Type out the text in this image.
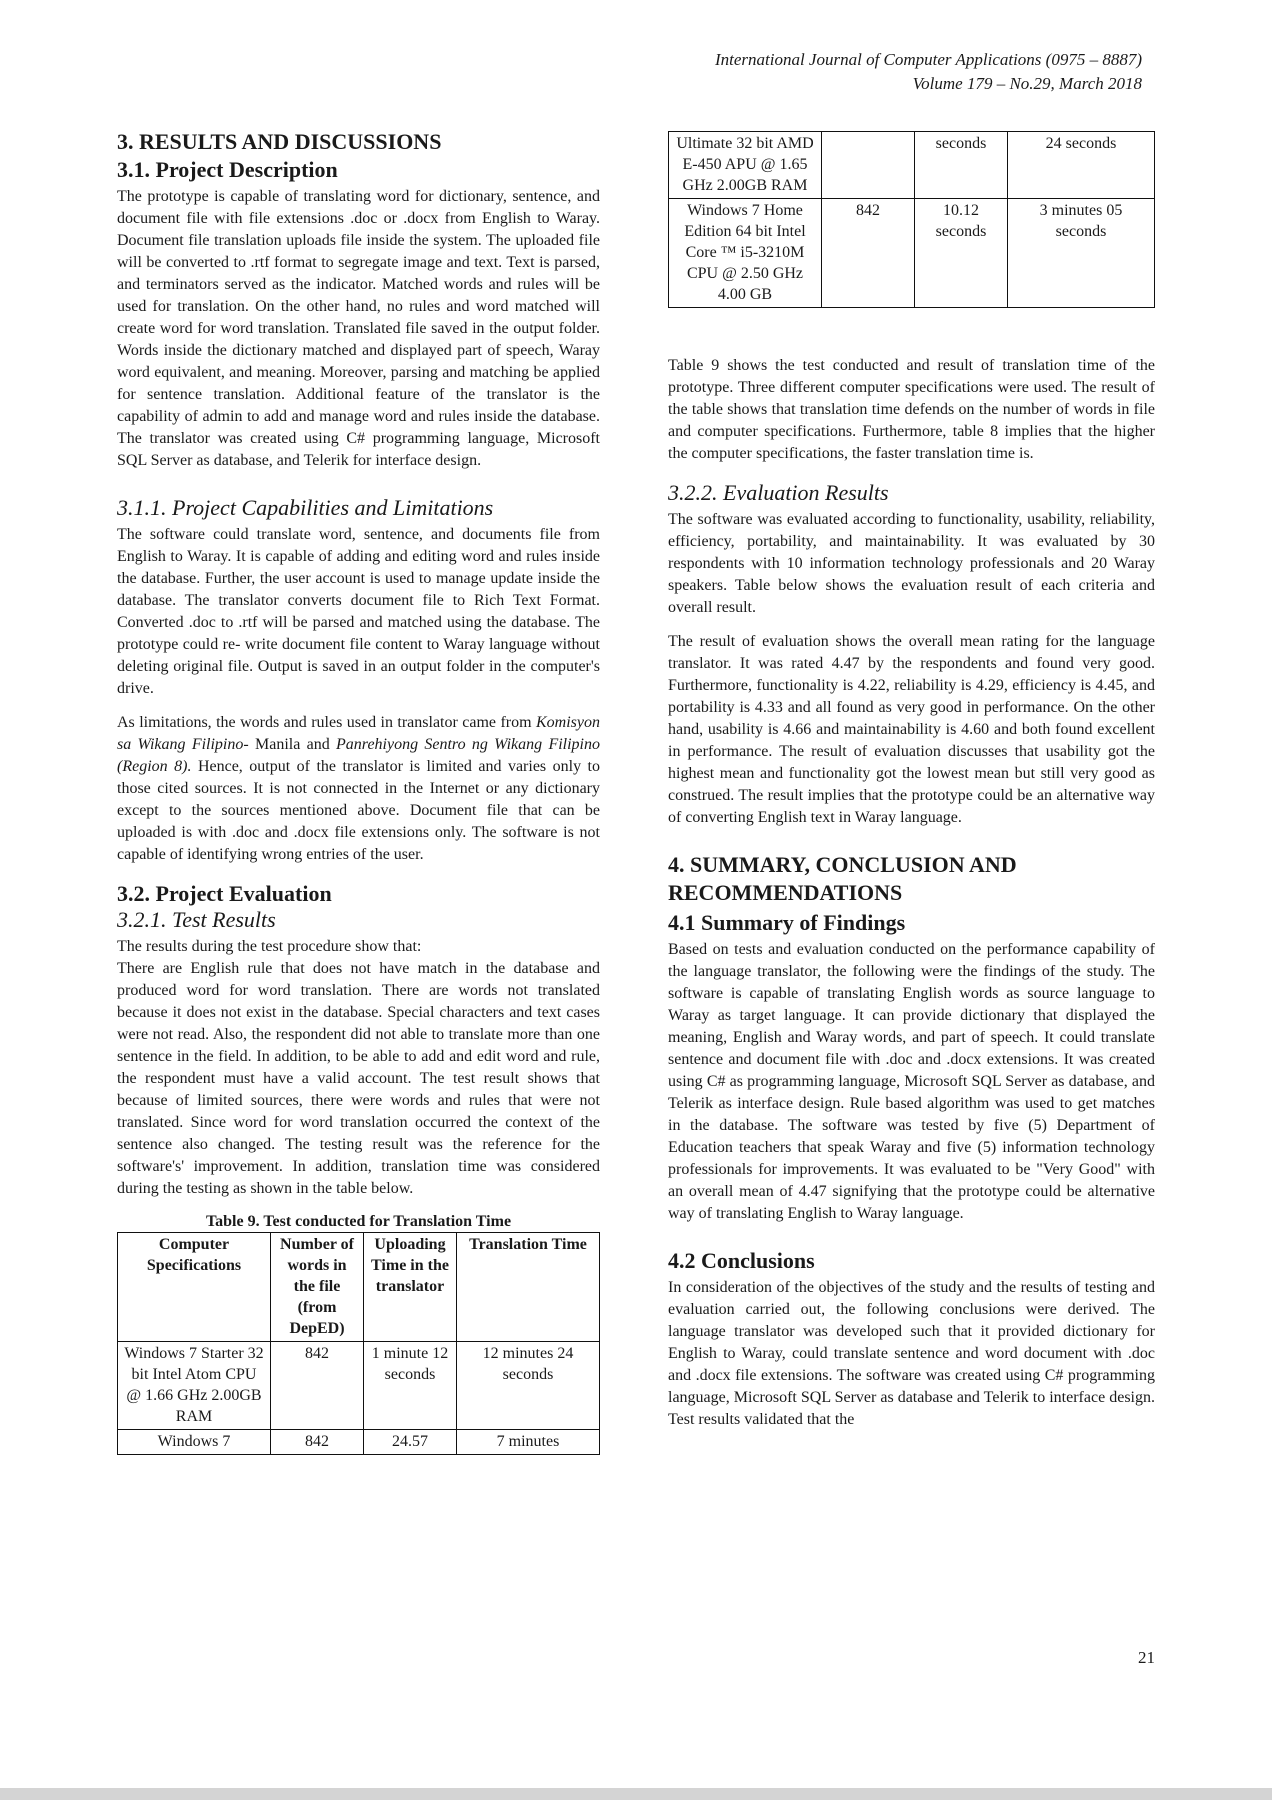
International Journal of Computer Applications (0975 – 8887)
Volume 179 – No.29, March 2018
3. RESULTS AND DISCUSSIONS
3.1. Project Description

The prototype is capable of translating word for dictionary, sentence, and document file with file extensions .doc or .docx from English to Waray. Document file translation uploads file inside the system. The uploaded file will be converted to .rtf format to segregate image and text. Text is parsed, and terminators served as the indicator. Matched words and rules will be used for translation. On the other hand, no rules and word matched will create word for word translation. Translated file saved in the output folder. Words inside the dictionary matched and displayed part of speech, Waray word equivalent, and meaning. Moreover, parsing and matching be applied for sentence translation. Additional feature of the translator is the capability of admin to add and manage word and rules inside the database. The translator was created using C# programming language, Microsoft SQL Server as database, and Telerik for interface design.

3.1.1. Project Capabilities and Limitations

The software could translate word, sentence, and documents file from English to Waray. It is capable of adding and editing word and rules inside the database. Further, the user account is used to manage update inside the database. The translator converts document file to Rich Text Format. Converted .doc to .rtf will be parsed and matched using the database. The prototype could re- write document file content to Waray language without deleting original file. Output is saved in an output folder in the computer's drive.

As limitations, the words and rules used in translator came from Komisyon sa Wikang Filipino- Manila and Panrehiyong Sentro ng Wikang Filipino (Region 8). Hence, output of the translator is limited and varies only to those cited sources. It is not connected in the Internet or any dictionary except to the sources mentioned above. Document file that can be uploaded is with .doc and .docx file extensions only. The software is not capable of identifying wrong entries of the user.

3.2. Project Evaluation
3.2.1. Test Results

The results during the test procedure show that:

There are English rule that does not have match in the database and produced word for word translation. There are words not translated because it does not exist in the database. Special characters and text cases were not read. Also, the respondent did not able to translate more than one sentence in the field. In addition, to be able to add and edit word and rule, the respondent must have a valid account. The test result shows that because of limited sources, there were words and rules that were not translated. Since word for word translation occurred the context of the sentence also changed. The testing result was the reference for the software's' improvement. In addition, translation time was considered during the testing as shown in the table below.

Table 9. Test conducted for Translation Time
Computer Specifications	Number of words in the file (from DepED)	Uploading Time in the translator	Translation Time
Windows 7 Starter 32 bit Intel Atom CPU @ 1.66 GHz 2.00GB RAM	842	1 minute 12 seconds	12 minutes 24 seconds
Windows 7	842	24.57	7 minutes
Ultimate 32 bit AMD E-450 APU @ 1.65 GHz 2.00GB RAM		seconds	24 seconds
Windows 7 Home Edition 64 bit Intel Core ™ i5-3210M CPU @ 2.50 GHz 4.00 GB	842	10.12 seconds	3 minutes 05 seconds

Table 9 shows the test conducted and result of translation time of the prototype. Three different computer specifications were used. The result of the table shows that translation time defends on the number of words in file and computer specifications. Furthermore, table 8 implies that the higher the computer specifications, the faster translation time is.

3.2.2. Evaluation Results

The software was evaluated according to functionality, usability, reliability, efficiency, portability, and maintainability. It was evaluated by 30 respondents with 10 information technology professionals and 20 Waray speakers. Table below shows the evaluation result of each criteria and overall result.

The result of evaluation shows the overall mean rating for the language translator. It was rated 4.47 by the respondents and found very good. Furthermore, functionality is 4.22, reliability is 4.29, efficiency is 4.45, and portability is 4.33 and all found as very good in performance. On the other hand, usability is 4.66 and maintainability is 4.60 and both found excellent in performance. The result of evaluation discusses that usability got the highest mean and functionality got the lowest mean but still very good as construed. The result implies that the prototype could be an alternative way of converting English text in Waray language.

4. SUMMARY, CONCLUSION AND RECOMMENDATIONS
4.1 Summary of Findings

Based on tests and evaluation conducted on the performance capability of the language translator, the following were the findings of the study. The software is capable of translating English words as source language to Waray as target language. It can provide dictionary that displayed the meaning, English and Waray words, and part of speech. It could translate sentence and document file with .doc and .docx extensions. It was created using C# as programming language, Microsoft SQL Server as database, and Telerik as interface design. Rule based algorithm was used to get matches in the database. The software was tested by five (5) Department of Education teachers that speak Waray and five (5) information technology professionals for improvements. It was evaluated to be "Very Good" with an overall mean of 4.47 signifying that the prototype could be alternative way of translating English to Waray language.

4.2 Conclusions

In consideration of the objectives of the study and the results of testing and evaluation carried out, the following conclusions were derived. The language translator was developed such that it provided dictionary for English to Waray, could translate sentence and word document with .doc and .docx file extensions. The software was created using C# programming language, Microsoft SQL Server as database and Telerik to interface design. Test results validated that the

21
